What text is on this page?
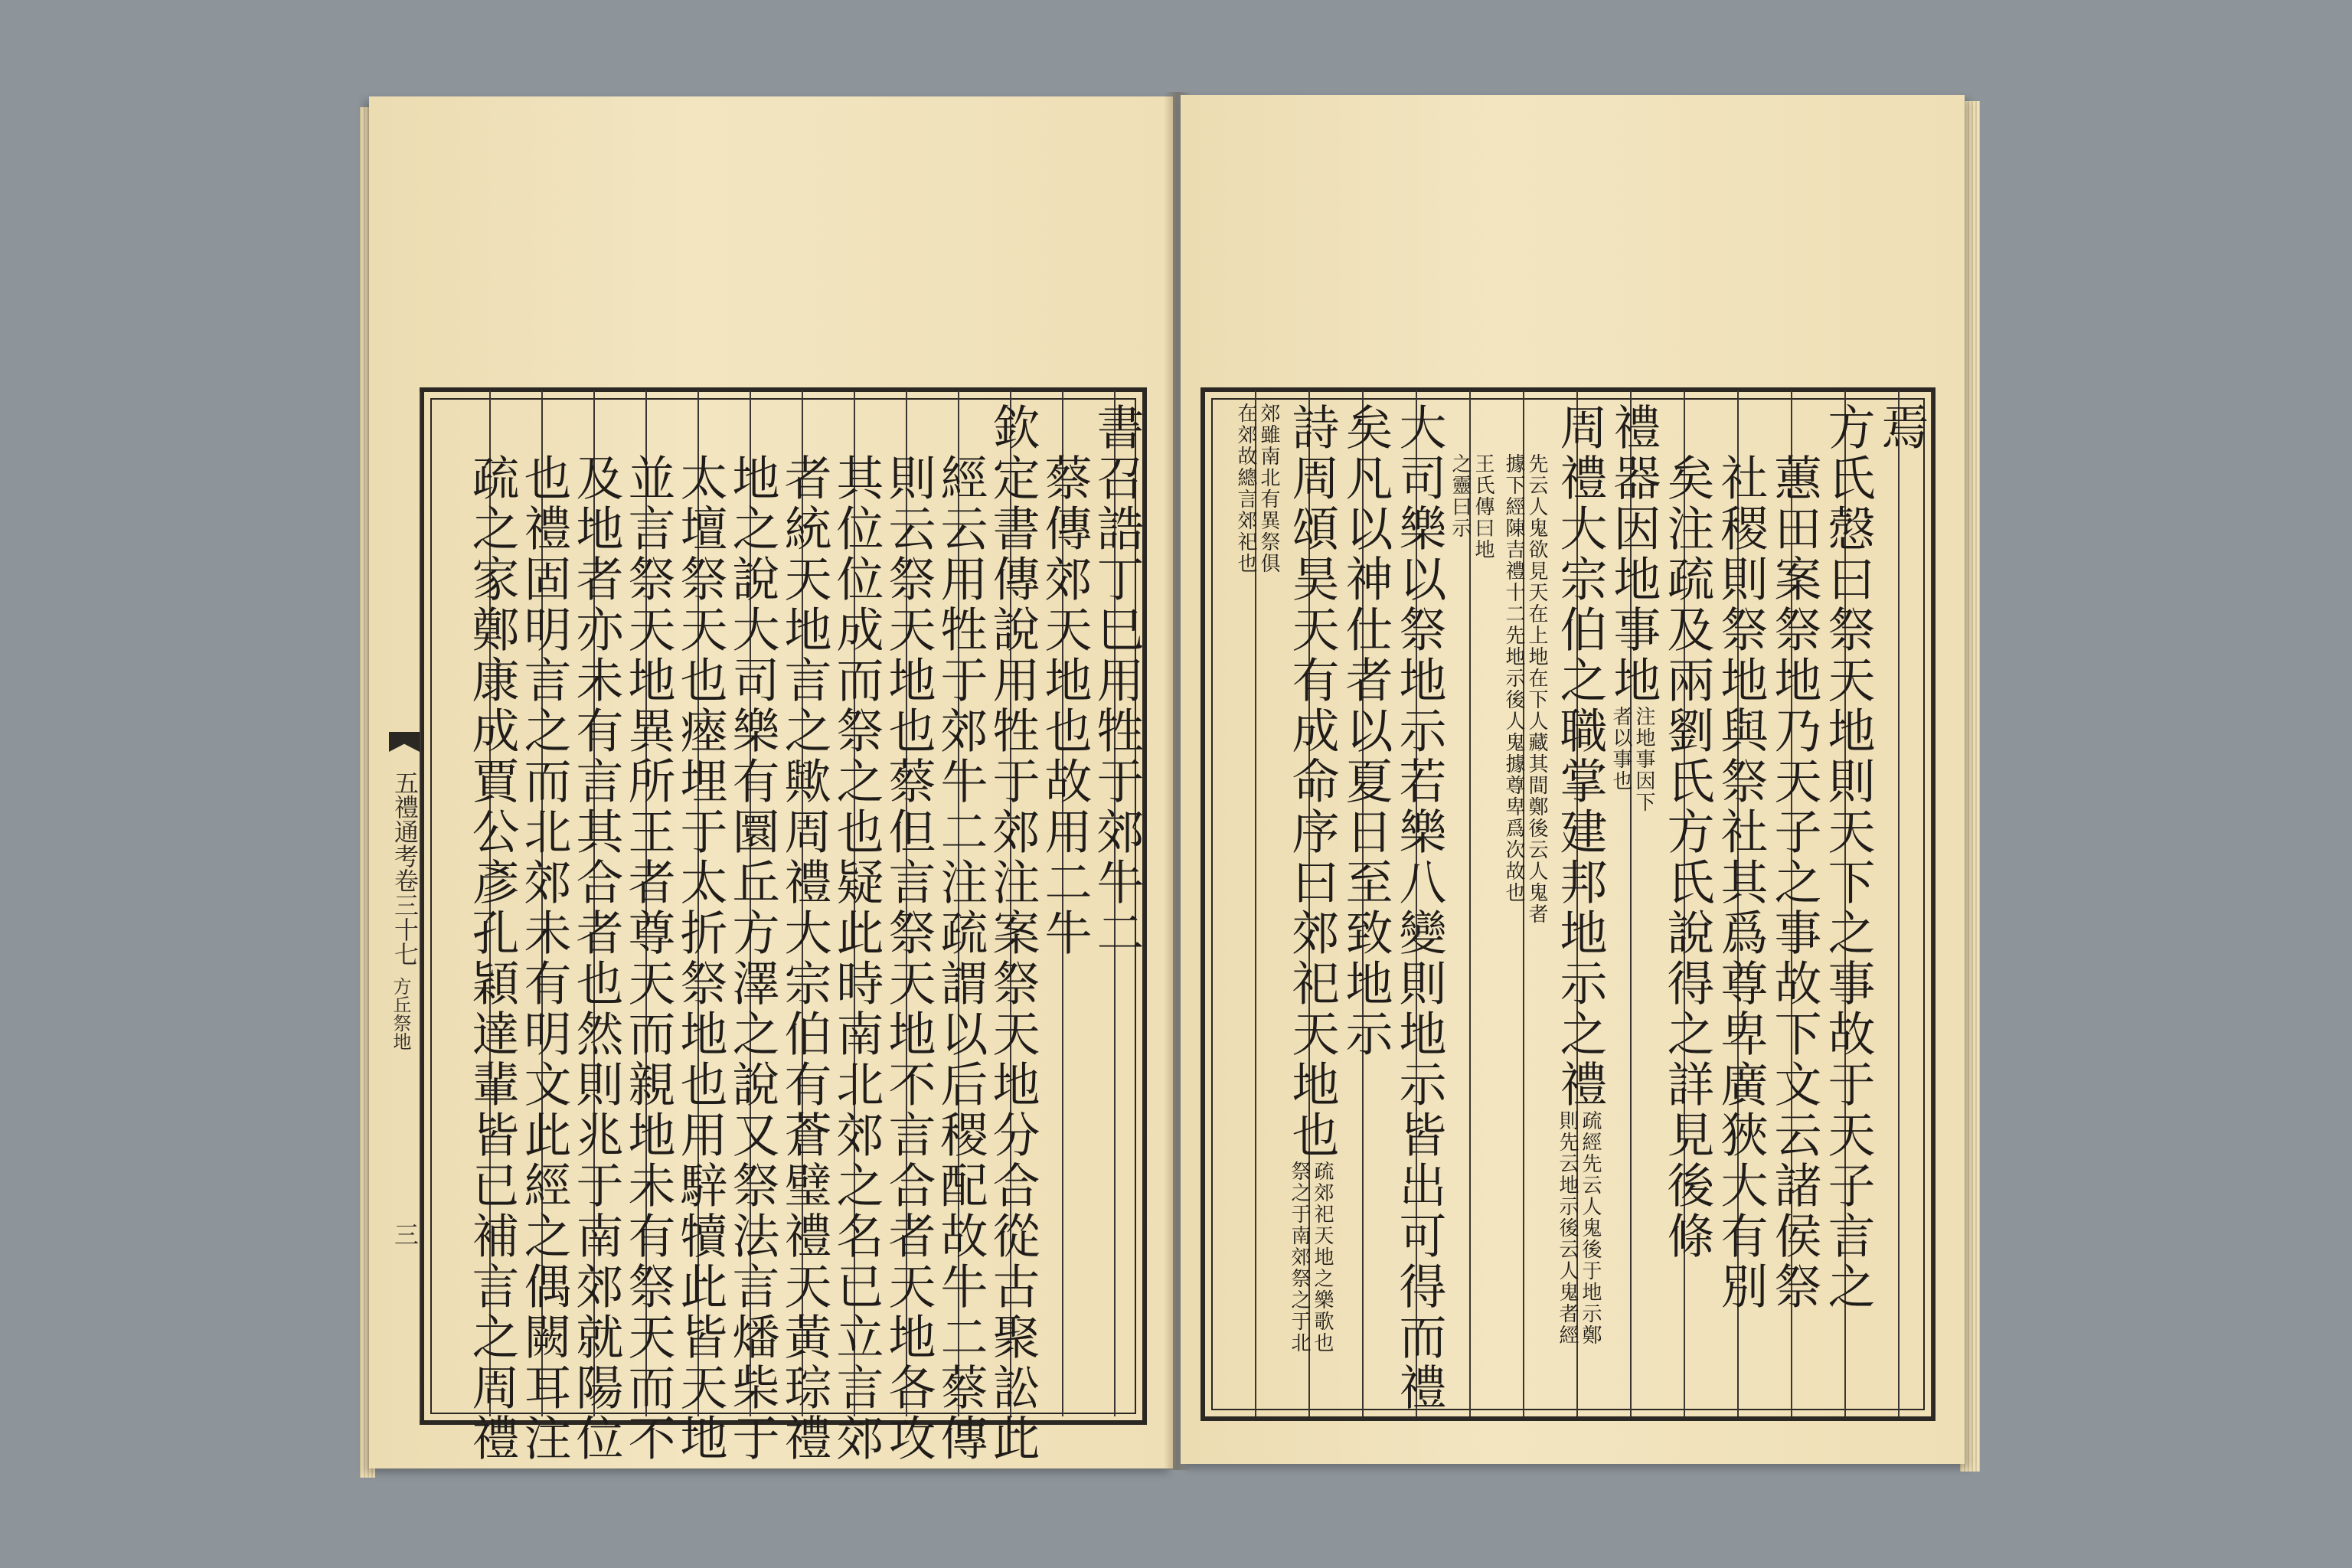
書召誥
丁巳用牲于郊牛二
　蔡傳郊天地也故用二牛
欽定書傳說用牲于郊注案祭天地分合從古聚訟此
　經云用牲于郊牛二注疏謂以后稷配故牛二蔡傳
　則云祭天地也蔡但言祭天地不言合者天地各攻
　其位位成而祭之也疑此時南北郊之名已立言郊
　者統天地言之歟周禮大宗伯有蒼璧禮天黃琮禮
　地之說大司樂有圜丘方澤之說又祭法言燔柴于
　太壇祭天也瘞埋于太折祭地也用騂犢此皆天地
　並言祭天地異所王者尊天而親地未有祭天而不
　及地者亦未有言其合者也然則兆于南郊就陽位
　也禮固明言之而北郊未有明文此經之偶闕耳注
　疏之家鄭康成賈公彥孔穎達輩皆已補言之周禮
五禮通考卷三十七
方丘祭地
三
焉
方氏慤曰祭天地則天下之事故于天子言之
　蕙田案祭地乃天子之事故下文云諸侯祭
　社稷則祭地與祭社其爲尊卑廣狹大有別
　矣注疏及兩劉氏方氏說得之詳見後條
禮器
因地事地
注地事因下者以事也
周禮大宗伯之職掌建邦地示之禮
疏經先云人鬼後于地示鄭則先云地示後云人鬼者經

先云人鬼欲見天在上地在下人藏其間鄭後云人鬼者據下經陳吉禮十二先地示後人鬼據尊卑爲次故也

王氏傳曰地之靈曰示
大司樂
以祭地示
若樂八變則地示皆出可得而禮
矣
凡以神仕者以夏日至致地示
詩周頌昊天有成命序曰郊祀天地也
疏郊祀天地之樂歌也祭之于南郊祭之于北
郊雖南北有異祭俱在郊故總言郊祀也
